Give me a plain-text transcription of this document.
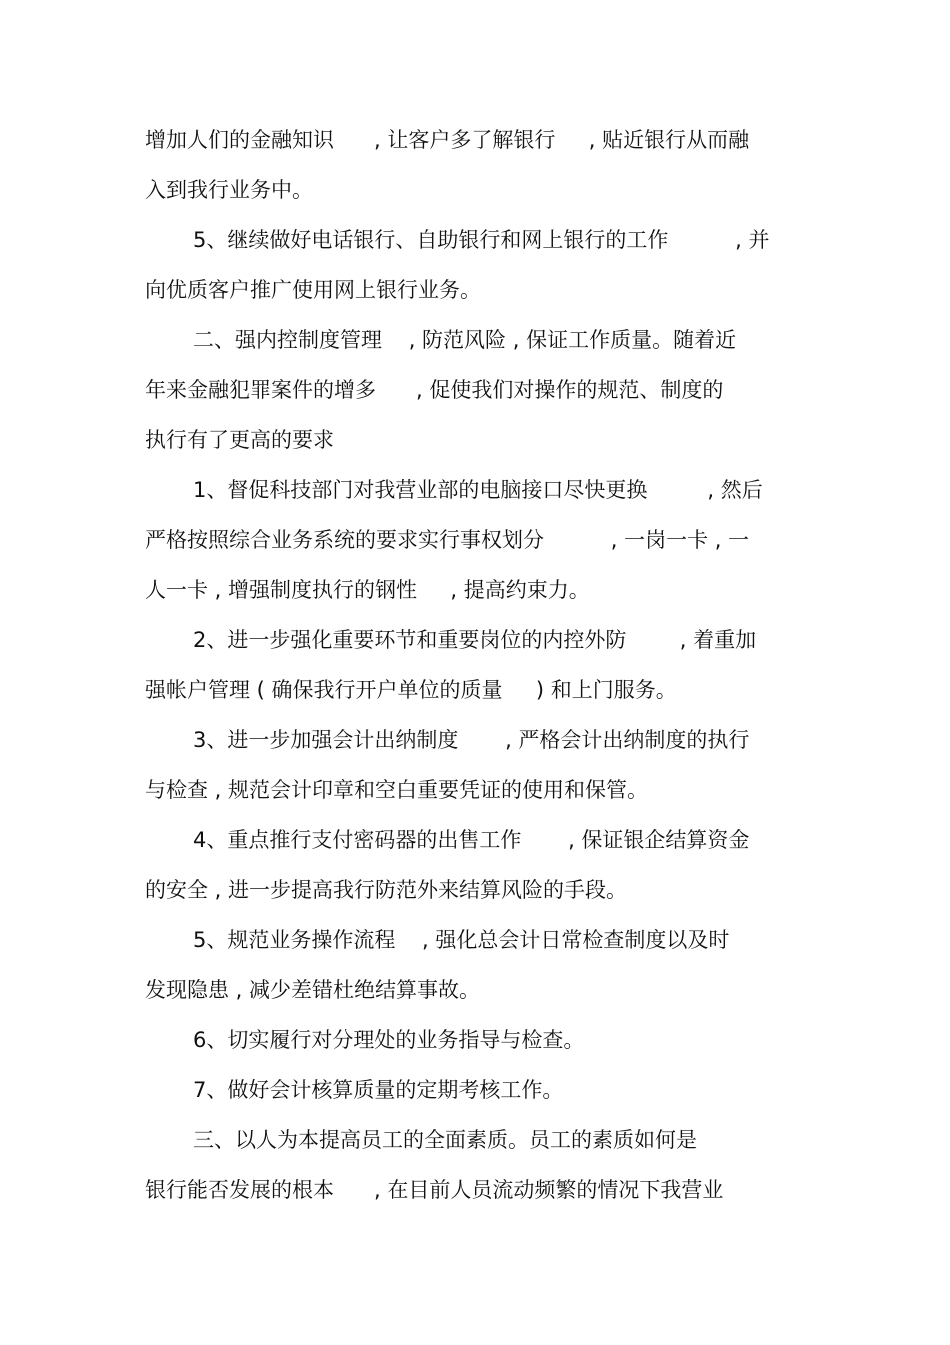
增加人们的金融知识      , 让客户多了解银行     , 贴近银行从而融
入到我行业务中。
5、继续做好电话银行、自助银行和网上银行的工作          , 并
向优质客户推广使用网上银行业务。
二、强内控制度管理    , 防范风险 , 保证工作质量。随着近
年来金融犯罪案件的增多      , 促使我们对操作的规范、制度的
执行有了更高的要求
1、督促科技部门对我营业部的电脑接口尽快更换         , 然后
严格按照综合业务系统的要求实行事权划分          , 一岗一卡 , 一
人一卡 , 增强制度执行的钢性     , 提高约束力。
2、进一步强化重要环节和重要岗位的内控外防        , 着重加
强帐户管理 ( 确保我行开户单位的质量     ) 和上门服务。
3、进一步加强会计出纳制度       , 严格会计出纳制度的执行
与检查 , 规范会计印章和空白重要凭证的使用和保管。
4、重点推行支付密码器的出售工作       , 保证银企结算资金
的安全 , 进一步提高我行防范外来结算风险的手段。
5、规范业务操作流程    , 强化总会计日常检查制度以及时
发现隐患 , 减少差错杜绝结算事故。
6、切实履行对分理处的业务指导与检查。
7、做好会计核算质量的定期考核工作。
三、以人为本提高员工的全面素质。员工的素质如何是
银行能否发展的根本      , 在目前人员流动频繁的情况下我营业
